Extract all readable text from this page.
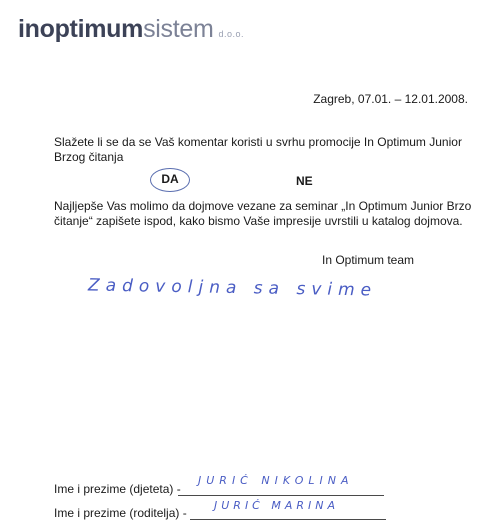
inoptimumsistem d.o.o.
Zagreb, 07.01. – 12.01.2008.
Slažete li se da se Vaš komentar koristi u svrhu promocije In Optimum Junior Brzog čitanja
DA	NE
Najljepše Vas molimo da dojmove vezane za seminar „In Optimum Junior Brzo čitanje“ zapišete ispod, kako bismo Vaše impresije uvrstili u katalog dojmova.
In Optimum team
Zadovoljna sa svime
Ime i prezime (djeteta) -
JURIĆ NIKOLINA
Ime i prezime (roditelja) -
JURIĆ MARINA
